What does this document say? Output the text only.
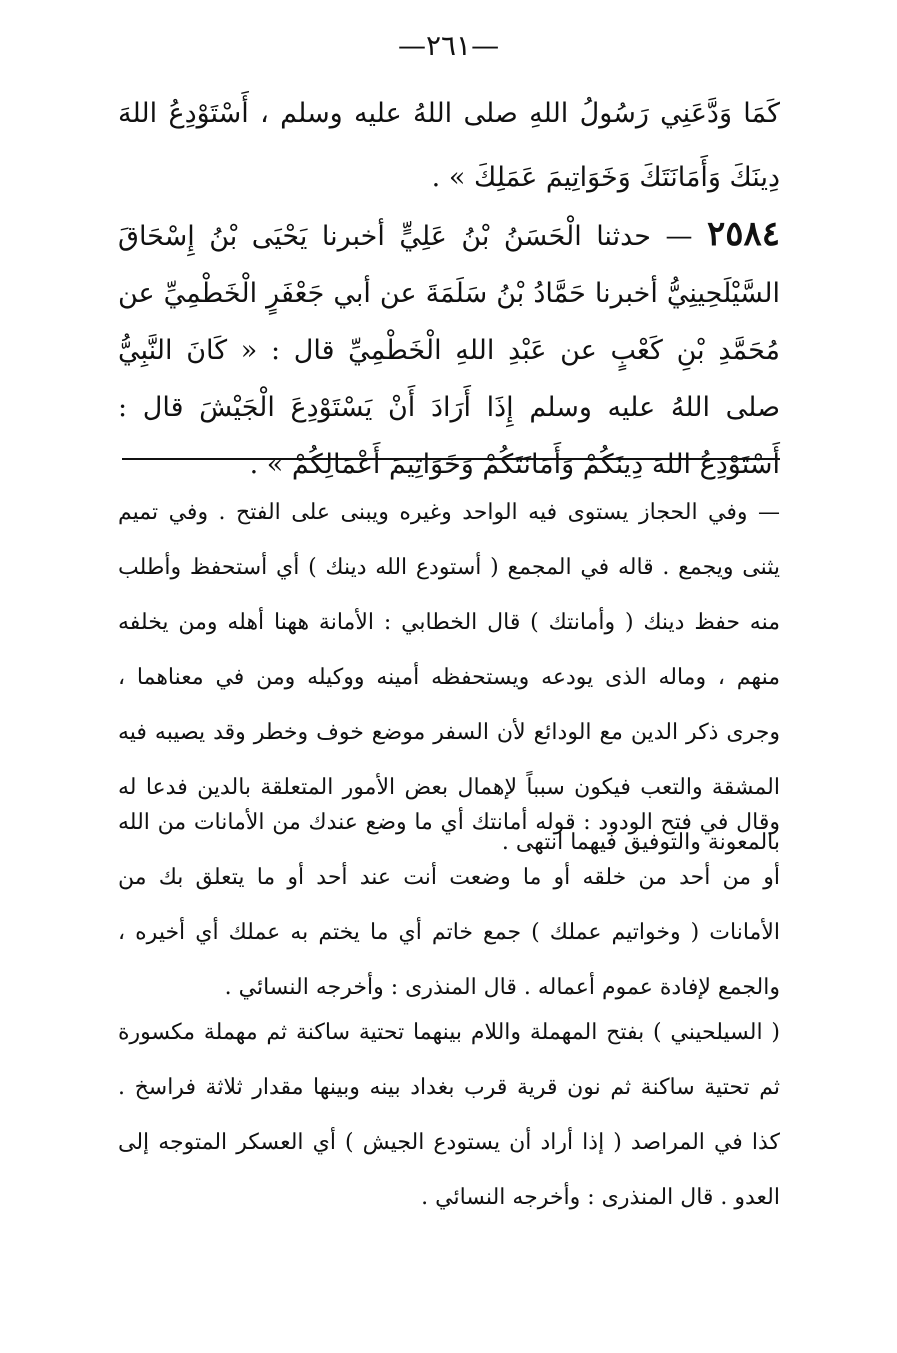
—٢٦١—

كَمَا وَدَّعَنِي رَسُولُ اللهِ صلى اللهُ عليه وسلم ، أَسْتَوْدِعُ اللهَ دِينَكَ وَأَمَانَتَكَ وَخَوَاتِيمَ عَمَلِكَ » .

٢٥٨٤ — حدثنا الْحَسَنُ بْنُ عَلِيٍّ أخبرنا يَحْيَى بْنُ إِسْحَاقَ السَّيْلَحِينِيُّ أخبرنا حَمَّادُ بْنُ سَلَمَةَ عن أبي جَعْفَرٍ الْخَطْمِيِّ عن مُحَمَّدِ بْنِ كَعْبٍ عن عَبْدِ اللهِ الْخَطْمِيِّ قال : « كَانَ النَّبِيُّ صلى اللهُ عليه وسلم إِذَا أَرَادَ أَنْ يَسْتَوْدِعَ الْجَيْشَ قال : أَسْتَوْدِعُ اللهَ دِينَكُمْ وَأَمَانَتَكُمْ وَخَوَاتِيمَ أَعْمَالِكُمْ » .

— وفي الحجاز يستوى فيه الواحد وغيره ويبنى على الفتح . وفي تميم يثنى ويجمع . قاله في المجمع ( أستودع الله دينك ) أي أستحفظ وأطلب منه حفظ دينك ( وأمانتك ) قال الخطابي : الأمانة ههنا أهله ومن يخلفه منهم ، وماله الذى يودعه ويستحفظه أمينه ووكيله ومن في معناهما ، وجرى ذكر الدين مع الودائع لأن السفر موضع خوف وخطر وقد يصيبه فيه المشقة والتعب فيكون سبباً لإهمال بعض الأمور المتعلقة بالدين فدعا له بالمعونة والتوفيق فيهما انتهى .

وقال في فتح الودود : قوله أمانتك أي ما وضع عندك من الأمانات من الله أو من أحد من خلقه أو ما وضعت أنت عند أحد أو ما يتعلق بك من الأمانات ( وخواتيم عملك ) جمع خاتم أي ما يختم به عملك أي أخيره ، والجمع لإفادة عموم أعماله . قال المنذرى : وأخرجه النسائي .

( السيلحيني ) بفتح المهملة واللام بينهما تحتية ساكنة ثم مهملة مكسورة ثم تحتية ساكنة ثم نون قرية قرب بغداد بينه وبينها مقدار ثلاثة فراسخ . كذا في المراصد ( إذا أراد أن يستودع الجيش ) أي العسكر المتوجه إلى العدو . قال المنذرى : وأخرجه النسائي .
